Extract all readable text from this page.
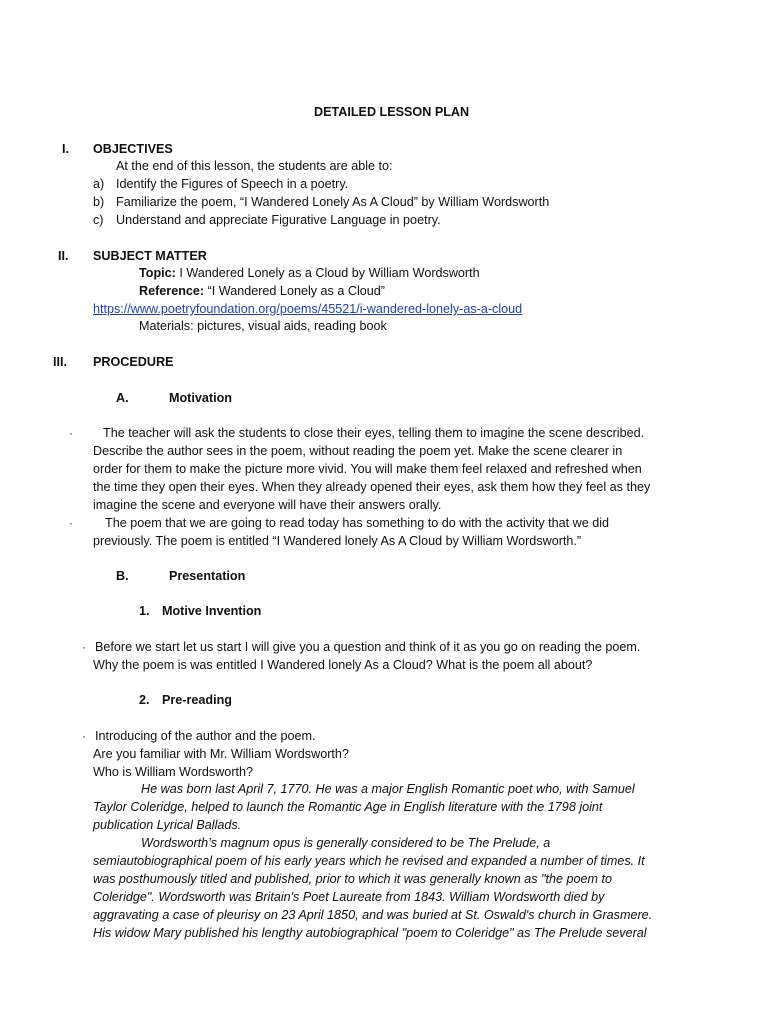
DETAILED LESSON PLAN
I. OBJECTIVES
At the end of this lesson, the students are able to:
a) Identify the Figures of Speech in a poetry.
b) Familiarize the poem, “I Wandered Lonely As A Cloud” by William Wordsworth
c) Understand and appreciate Figurative Language in poetry.
II. SUBJECT MATTER
Topic: I Wandered Lonely as a Cloud by William Wordsworth
Reference: “I Wandered Lonely as a Cloud”
https://www.poetryfoundation.org/poems/45521/i-wandered-lonely-as-a-cloud
Materials: pictures, visual aids, reading book
III. PROCEDURE
A.	Motivation
· The teacher will ask the students to close their eyes, telling them to imagine the scene described.
Describe the author sees in the poem, without reading the poem yet. Make the scene clearer in
order for them to make the picture more vivid. You will make them feel relaxed and refreshed when
the time they open their eyes. When they already opened their eyes, ask them how they feel as they
imagine the scene and everyone will have their answers orally.
·	The poem that we are going to read today has something to do with the activity that we did
previously. The poem is entitled “I Wandered lonely As A Cloud by William Wordsworth.”
B.	Presentation
1. Motive Invention
· Before we start let us start I will give you a question and think of it as you go on reading the poem.
Why the poem is was entitled I Wandered lonely As a Cloud? What is the poem all about?
2. Pre-reading
· Introducing of the author and the poem.
Are you familiar with Mr. William Wordsworth?
Who is William Wordsworth?
He was born last April 7, 1770. He was a major English Romantic poet who, with Samuel
Taylor Coleridge, helped to launch the Romantic Age in English literature with the 1798 joint
publication Lyrical Ballads.
Wordsworth’s magnum opus is generally considered to be The Prelude, a
semiautobiographical poem of his early years which he revised and expanded a number of times. It
was posthumously titled and published, prior to which it was generally known as "the poem to
Coleridge". Wordsworth was Britain's Poet Laureate from 1843. William Wordsworth died by
aggravating a case of pleurisy on 23 April 1850, and was buried at St. Oswald's church in Grasmere.
His widow Mary published his lengthy autobiographical "poem to Coleridge" as The Prelude several
